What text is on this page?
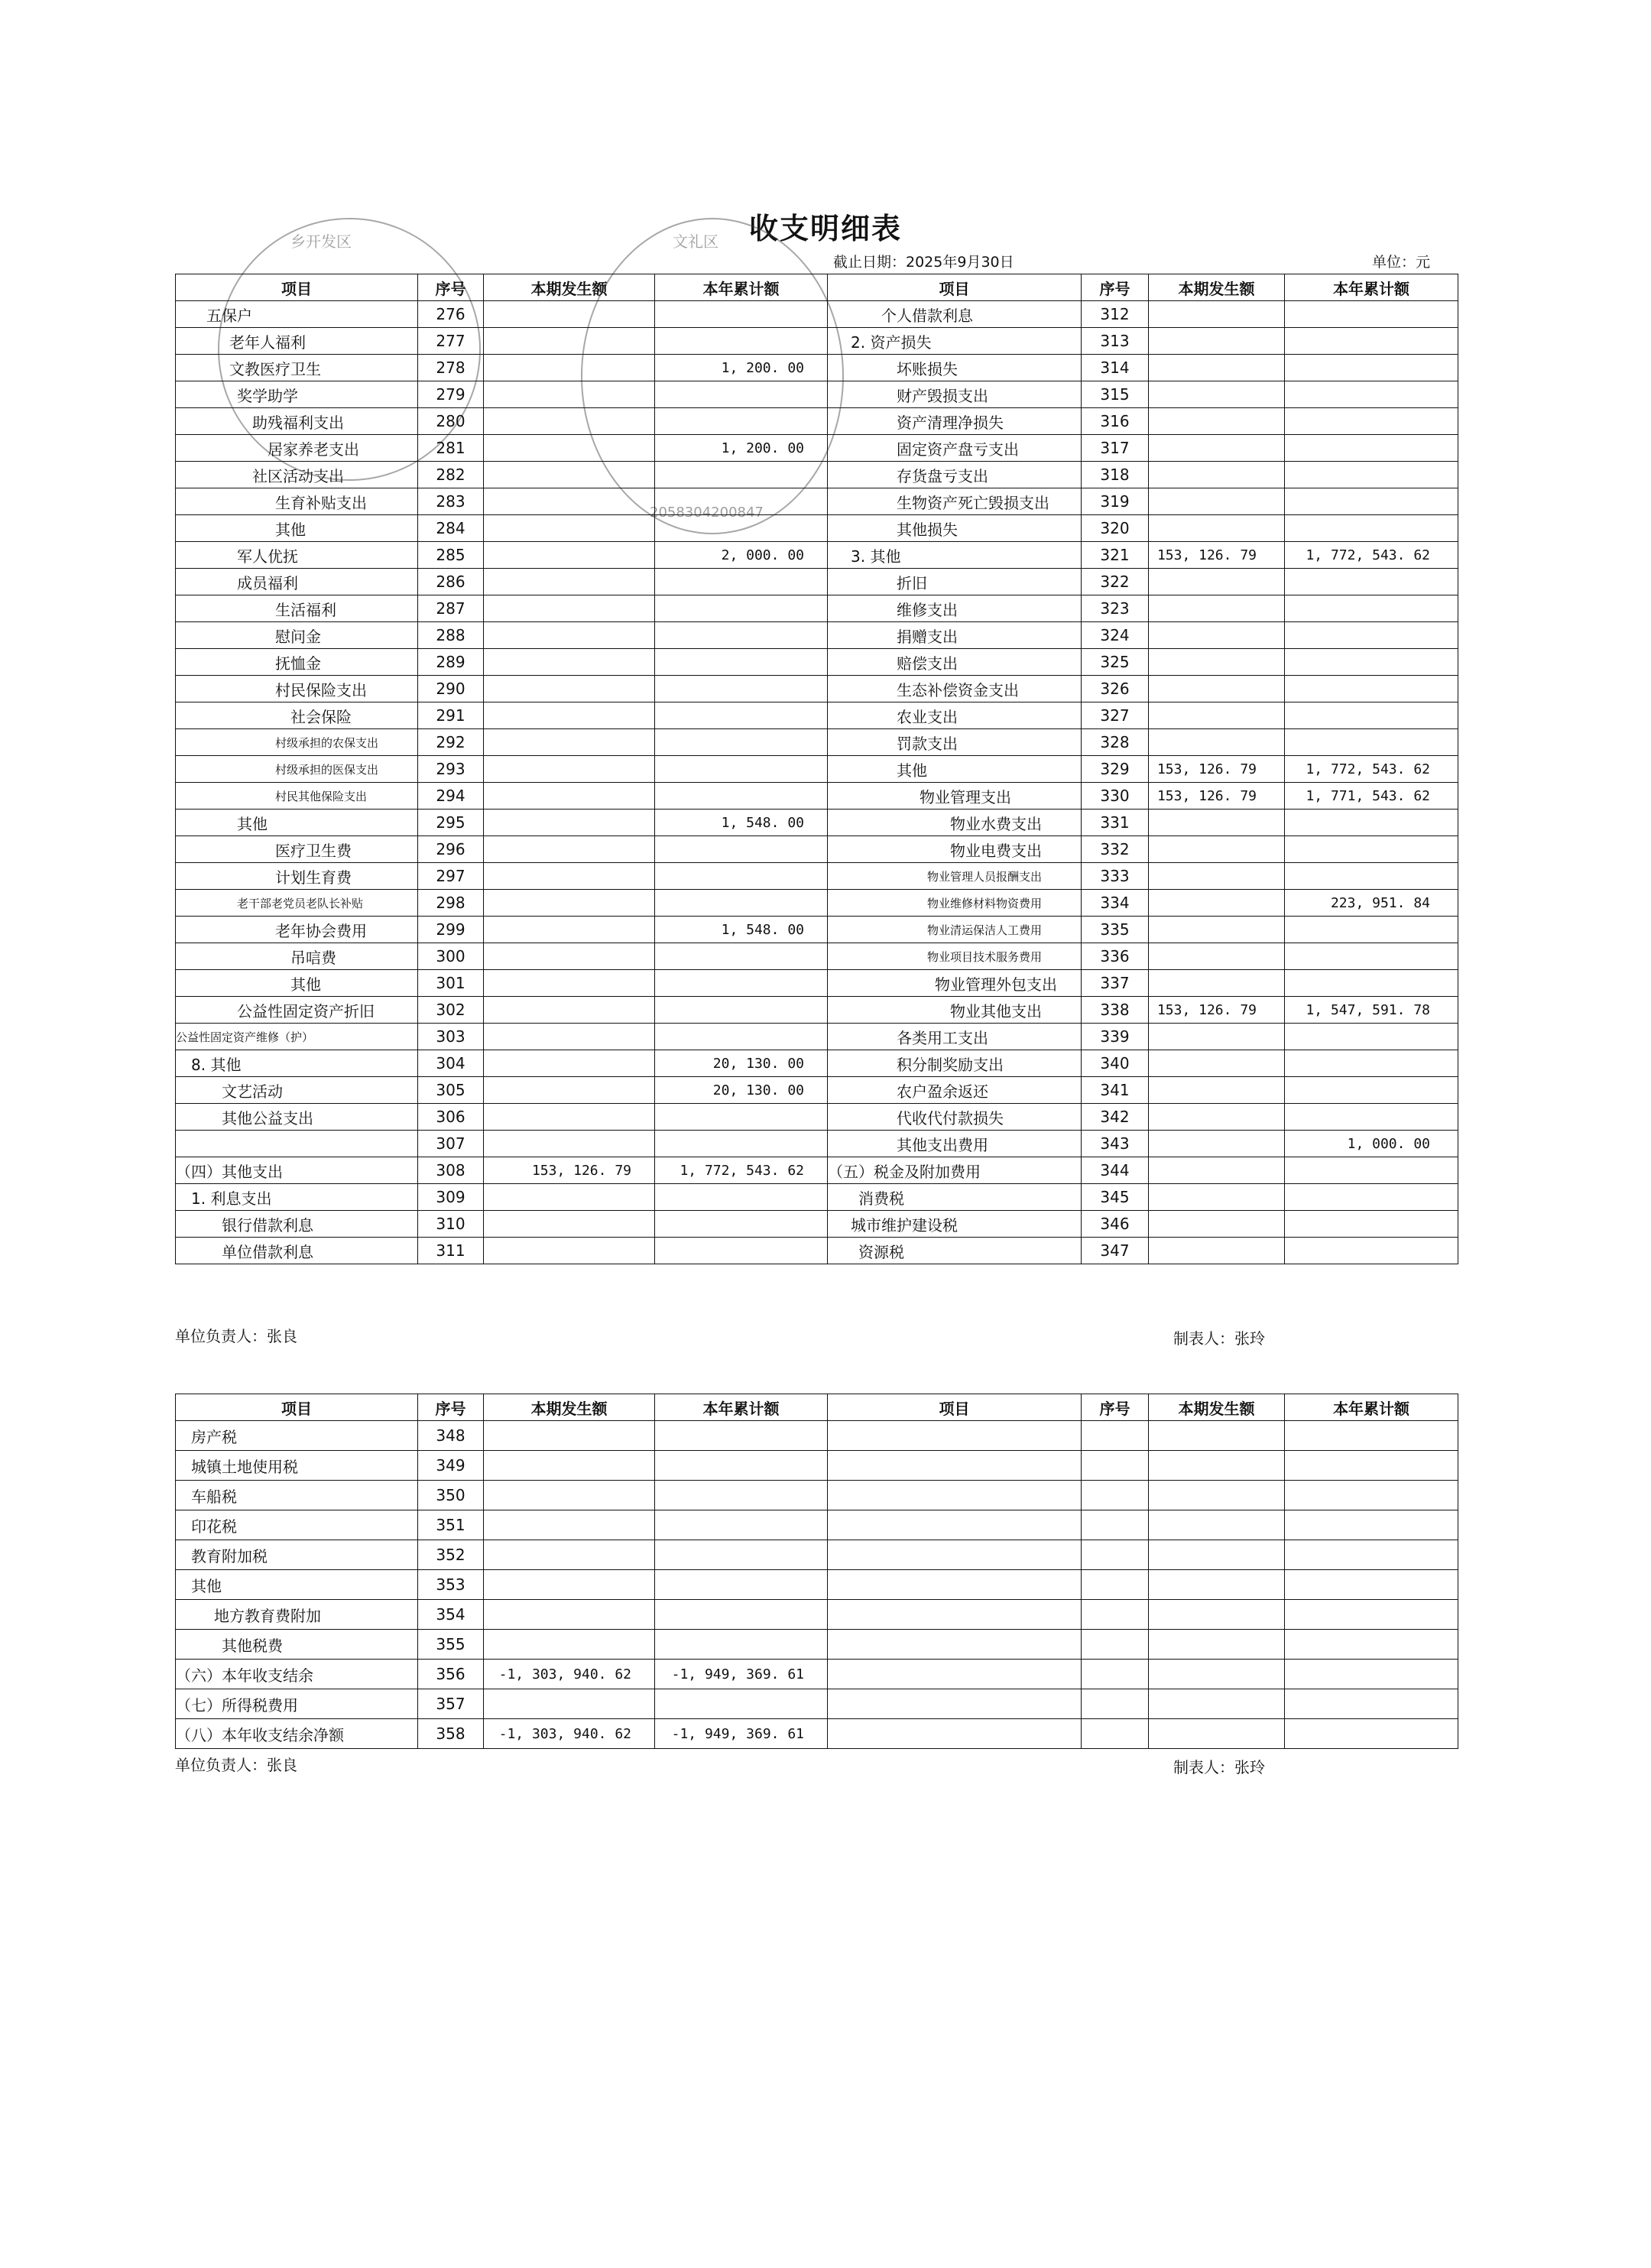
收支明细表
截止日期：2025年9月30日	单位：元
乡开发区	文礼区
2058304200847
项目	序号	本期发生额	本年累计额	项目	序号	本期发生额	本年累计额
五保户	276			个人借款利息	312		
老年人福利	277			2. 资产损失	313		
文教医疗卫生	278		1, 200. 00	坏账损失	314		
奖学助学	279			财产毁损支出	315		
助残福利支出	280			资产清理净损失	316		
居家养老支出	281		1, 200. 00	固定资产盘亏支出	317		
社区活动支出	282			存货盘亏支出	318		
生育补贴支出	283			生物资产死亡毁损支出	319		
其他	284			其他损失	320		
军人优抚	285		2, 000. 00	3. 其他	321	153, 126. 79	1, 772, 543. 62
成员福利	286			折旧	322		
生活福利	287			维修支出	323		
慰问金	288			捐赠支出	324		
抚恤金	289			赔偿支出	325		
村民保险支出	290			生态补偿资金支出	326		
社会保险	291			农业支出	327		
村级承担的农保支出	292			罚款支出	328		
村级承担的医保支出	293			其他	329	153, 126. 79	1, 772, 543. 62
村民其他保险支出	294			物业管理支出	330	153, 126. 79	1, 771, 543. 62
其他	295		1, 548. 00	物业水费支出	331		
医疗卫生费	296			物业电费支出	332		
计划生育费	297			物业管理人员报酬支出	333		
老干部老党员老队长补贴	298			物业维修材料物资费用	334		223, 951. 84
老年协会费用	299		1, 548. 00	物业清运保洁人工费用	335		
吊唁费	300			物业项目技术服务费用	336		
其他	301			物业管理外包支出	337		
公益性固定资产折旧	302			物业其他支出	338	153, 126. 79	1, 547, 591. 78
公益性固定资产维修（护）	303			各类用工支出	339		
8. 其他	304		20, 130. 00	积分制奖励支出	340		
文艺活动	305		20, 130. 00	农户盈余返还	341		
其他公益支出	306			代收代付款损失	342		
	307			其他支出费用	343		1, 000. 00
（四）其他支出	308	153, 126. 79	1, 772, 543. 62	（五）税金及附加费用	344		
1. 利息支出	309			消费税	345		
银行借款利息	310			城市维护建设税	346		
单位借款利息	311			资源税	347		
单位负责人：张良	制表人：张玲
项目	序号	本期发生额	本年累计额	项目	序号	本期发生额	本年累计额
房产税	348						
城镇土地使用税	349						
车船税	350						
印花税	351						
教育附加税	352						
其他	353						
地方教育费附加	354						
其他税费	355						
（六）本年收支结余	356	-1, 303, 940. 62	-1, 949, 369. 61				
（七）所得税费用	357						
（八）本年收支结余净额	358	-1, 303, 940. 62	-1, 949, 369. 61				
单位负责人：张良	制表人：张玲
